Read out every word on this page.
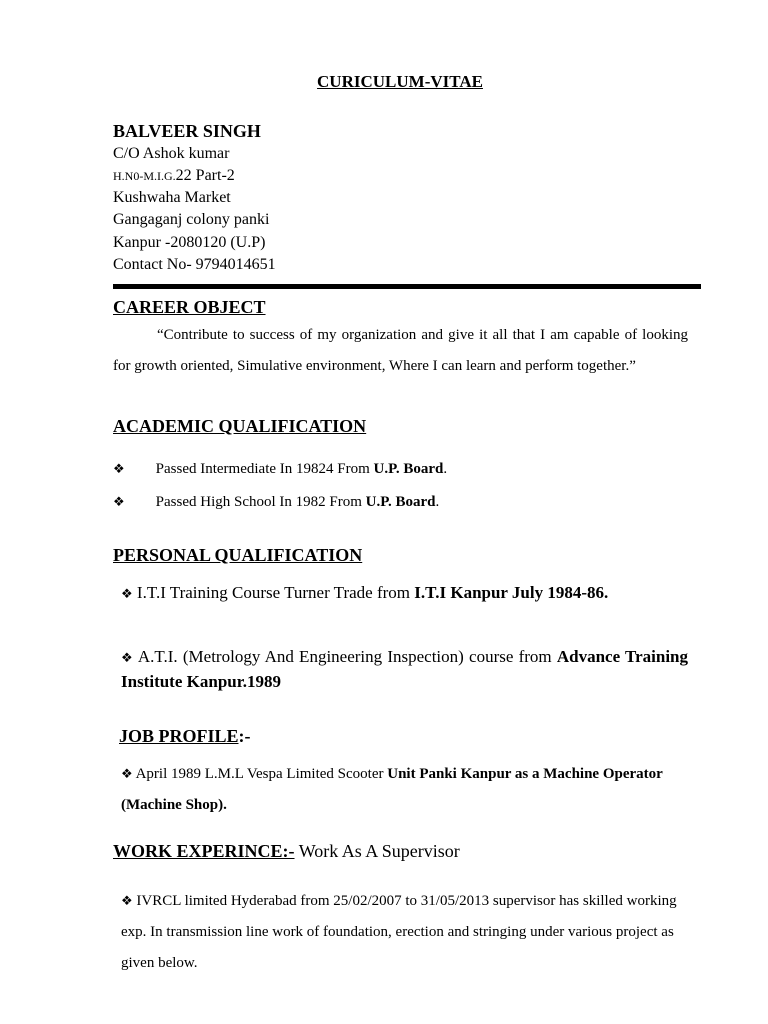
CURICULUM-VITAE
BALVEER SINGH
C/O Ashok kumar
H.N0-M.I.G.22 Part-2
Kushwaha Market
Gangaganj colony panki
Kanpur -2080120 (U.P)
Contact No- 9794014651
CAREER OBJECT
“Contribute to success of my organization and give it all that I am capable of looking for growth oriented, Simulative environment, Where I can learn and perform together.”
ACADEMIC QUALIFICATION
❖ Passed Intermediate In 19824 From U.P. Board.
❖ Passed High School In 1982 From U.P. Board.
PERSONAL QUALIFICATION
❖ I.T.I Training Course Turner Trade from I.T.I Kanpur July 1984-86.
❖ A.T.I. (Metrology And Engineering Inspection) course from Advance Training Institute Kanpur.1989
JOB PROFILE:-
❖ April 1989 L.M.L Vespa Limited Scooter Unit Panki Kanpur as a Machine Operator (Machine Shop).
WORK EXPERINCE:- Work As A Supervisor
❖ IVRCL limited Hyderabad from 25/02/2007 to 31/05/2013 supervisor has skilled working exp. In transmission line work of foundation, erection and stringing under various project as given below.
